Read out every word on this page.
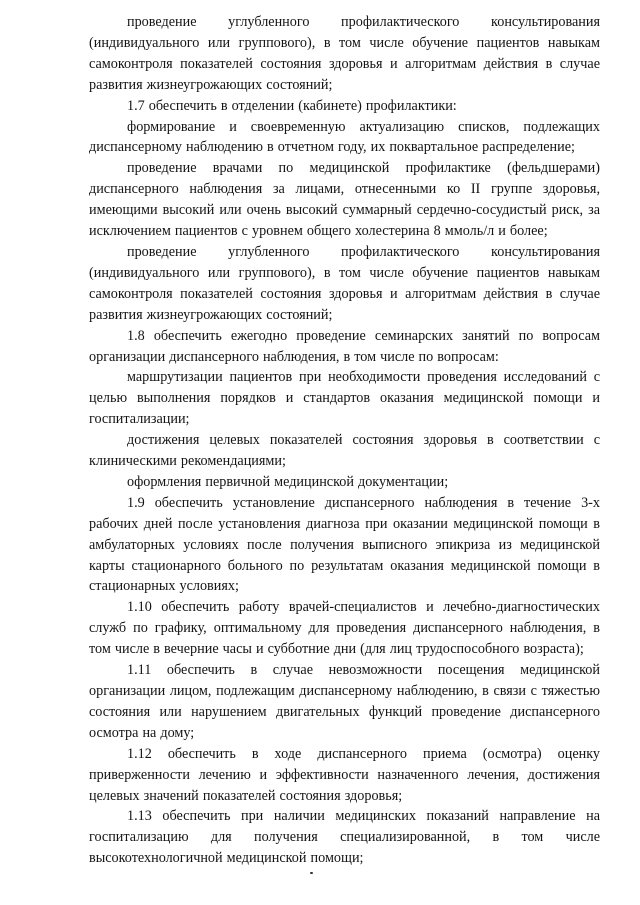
проведение углубленного профилактического консультирования (индивидуального или группового), в том числе обучение пациентов навыкам самоконтроля показателей состояния здоровья и алгоритмам действия в случае развития жизнеугрожающих состояний;

1.7 обеспечить в отделении (кабинете) профилактики:

формирование и своевременную актуализацию списков, подлежащих диспансерному наблюдению в отчетном году, их поквартальное распределение;

проведение врачами по медицинской профилактике (фельдшерами) диспансерного наблюдения за лицами, отнесенными ко II группе здоровья, имеющими высокий или очень высокий суммарный сердечно-сосудистый риск, за исключением пациентов с уровнем общего холестерина 8 ммоль/л и более;

проведение углубленного профилактического консультирования (индивидуального или группового), в том числе обучение пациентов навыкам самоконтроля показателей состояния здоровья и алгоритмам действия в случае развития жизнеугрожающих состояний;

1.8 обеспечить ежегодно проведение семинарских занятий по вопросам организации диспансерного наблюдения, в том числе по вопросам:

маршрутизации пациентов при необходимости проведения исследований с целью выполнения порядков и стандартов оказания медицинской помощи и госпитализации;

достижения целевых показателей состояния здоровья в соответствии с клиническими рекомендациями;

оформления первичной медицинской документации;

1.9 обеспечить установление диспансерного наблюдения в течение 3-х рабочих дней после установления диагноза при оказании медицинской помощи в амбулаторных условиях после получения выписного эпикриза из медицинской карты стационарного больного по результатам оказания медицинской помощи в стационарных условиях;

1.10 обеспечить работу врачей-специалистов и лечебно-диагностических служб по графику, оптимальному для проведения диспансерного наблюдения, в том числе в вечерние часы и субботние дни (для лиц трудоспособного возраста);

1.11 обеспечить в случае невозможности посещения медицинской организации лицом, подлежащим диспансерному наблюдению, в связи с тяжестью состояния или нарушением двигательных функций проведение диспансерного осмотра на дому;

1.12 обеспечить в ходе диспансерного приема (осмотра) оценку приверженности лечению и эффективности назначенного лечения, достижения целевых значений показателей состояния здоровья;

1.13 обеспечить при наличии медицинских показаний направление на госпитализацию для получения специализированной, в том числе высокотехнологичной медицинской помощи;
